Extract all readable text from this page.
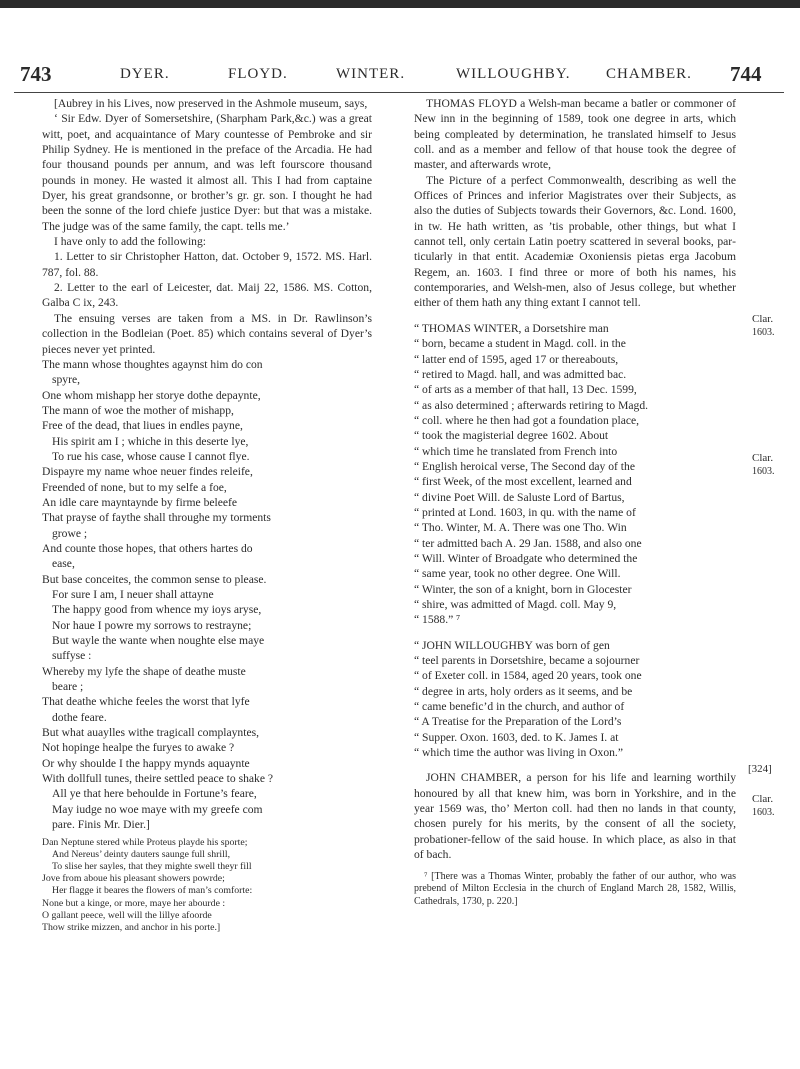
743	DYER.	FLOYD.	WINTER.	WILLOUGHBY. CHAMBER. 744

[Aubrey in his Lives, now preserved in the Ashmole museum, says,

‘ Sir Edw. Dyer of Somersetshire, (Sharpham Park,&c.) was a great witt, poet, and acquaintance of Mary countesse of Pembroke and sir Philip Sydney. He is mentioned in the preface of the Arcadia. He had four thousand pounds per annum, and was left fourscore thousand pounds in money. He wasted it almost all. This I had from captaine Dyer, his great grandsonne, or brother’s gr. gr. son. I thought he had been the sonne of the lord chiefe justice Dyer: but that was a mistake. The judge was of the same family, the capt. tells me.’

I have only to add the following:

1. Letter to sir Christopher Hatton, dat. October 9, 1572. MS. Harl. 787, fol. 88.

2. Letter to the earl of Leicester, dat. Maij 22, 1586. MS. Cotton, Galba C ix, 243.

The ensuing verses are taken from a MS. in Dr. Rawlinson’s collection in the Bodleian (Poet. 85) which contains several of Dyer’s pieces never yet printed.

The mann whose thoughtes agaynst him do con
spyre,
One whom mishapp her storye dothe depaynte,
The mann of woe the mother of mishapp,
Free of the dead, that liues in endles payne,
His spirit am I ; whiche in this deserte lye,
To rue his case, whose cause I cannot flye.
Dispayre my name whoe neuer findes releife,
Freended of none, but to my selfe a foe,
An idle care mayntaynde by firme beleefe
That prayse of faythe shall throughe my torments
growe ;
And counte those hopes, that others hartes do
ease,
But base conceites, the common sense to please.
For sure I am, I neuer shall attayne
The happy good from whence my ioys aryse,
Nor haue I powre my sorrows to restrayne;
But wayle the wante when noughte else maye
suffyse :
Whereby my lyfe the shape of deathe muste
beare ;
That deathe whiche feeles the worst that lyfe
dothe feare.
But what auaylles withe tragicall complayntes,
Not hopinge healpe the furyes to awake ?
Or why shoulde I the happy mynds aquaynte
With dollfull tunes, theire settled peace to shake ?
All ye that here behoulde in Fortune’s feare,
May iudge no woe maye with my greefe com
pare. Finis Mr. Dier.]
Dan Neptune stered while Proteus playde his sporte;
And Nereus’ deinty dauters saunge full shrill,
To slise her sayles, that they mighte swell theyr fill
Jove from aboue his pleasant showers powrde;
Her flagge it beares the flowers of man’s comforte:
None but a kinge, or more, maye her abourde :
O gallant peece, well will the lillye afoorde
Thow strike mizzen, and anchor in his porte.]

THOMAS FLOYD a Welsh-man became a batler or commoner of New inn in the beginning of 1589, took one degree in arts, which being compleated by determination, he translated himself to Jesus coll. and as a member and fellow of that house took the degree of master, and afterwards wrote,

The Picture of a perfect Commonwealth, describing as well the Offices of Princes and inferior Magistrates over their Subjects, as also the duties of Subjects towards their Governors, &c. Lond. 1600, in tw. He hath written, as ’tis probable, other things, but what I cannot tell, only certain Latin poetry scattered in several books, particularly in that entit. Academiæ Oxoniensis pietas erga Jacobum Regem, an. 1603. I find three or more of both his names, his contemporaries, and Welsh-men, also of Jesus college, but whether either of them hath any thing extant I cannot tell.

“ THOMAS WINTER, a Dorsetshire man
“ born, became a student in Magd. coll. in the
“ latter end of 1595, aged 17 or thereabouts,
“ retired to Magd. hall, and was admitted bac.
“ of arts as a member of that hall, 13 Dec. 1599,
“ as also determined ; afterwards retiring to Magd.
“ coll. where he then had got a foundation place,
“ took the magisterial degree 1602. About
“ which time he translated from French into
“ English heroical verse, The Second day of the
“ first Week, of the most excellent, learned and
“ divine Poet Will. de Saluste Lord of Bartus,
“ printed at Lond. 1603, in qu. with the name of
“ Tho. Winter, M. A. There was one Tho. Win
“ ter admitted bach A. 29 Jan. 1588, and also one
“ Will. Winter of Broadgate who determined the
“ same year, took no other degree. One Will.
“ Winter, the son of a knight, born in Glocester
“ shire, was admitted of Magd. coll. May 9,
“ 1588.” ⁷
“ JOHN WILLOUGHBY was born of gen
“ teel parents in Dorsetshire, became a sojourner
“ of Exeter coll. in 1584, aged 20 years, took one
“ degree in arts, holy orders as it seems, and be
“ came benefic’d in the church, and author of
“ A Treatise for the Preparation of the Lord’s
“ Supper. Oxon. 1603, ded. to K. James I. at
“ which time the author was living in Oxon.”

JOHN CHAMBER, a person for his life and learning worthily honoured by all that knew him, was born in Yorkshire, and in the year 1569 was, tho’ Merton coll. had then no lands in that county, chosen purely for his merits, by the consent of all the society, probationer-fellow of the said house. In which place, as also in that of bach.

⁷ [There was a Thomas Winter, probably the father of our author, who was prebend of Milton Ecclesia in the church of England March 28, 1582, Willis, Cathedrals, 1730, p. 220.]

Clar.
1603.
Clar.
1603.
[324]
Clar.
1603.
